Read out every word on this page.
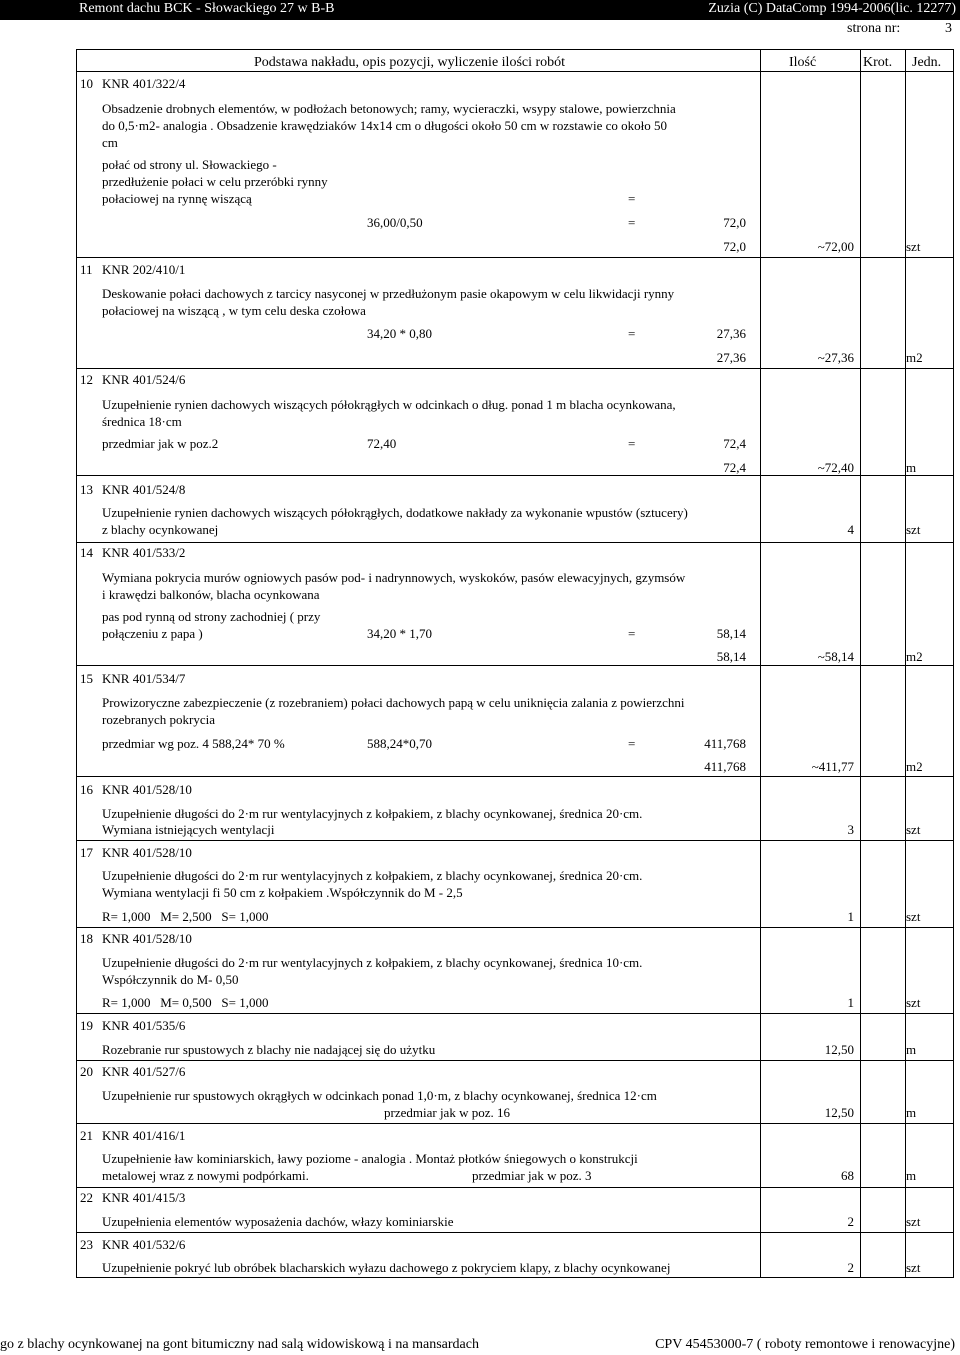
Remont dachu BCK - Słowackiego 27 w B-B	Zuzia (C) DataComp 1994-2006(lic. 12277)
strona nr:	3
Podstawa nakładu, opis pozycji, wyliczenie ilości robót	Ilość	Krot. Jedn.
10 KNR 401/322/4
Obsadzenie drobnych elementów, w podłożach betonowych; ramy, wycieraczki, wsypy stalowe, powierzchnia
do 0,5·m2- analogia . Obsadzenie krawędziaków 14x14 cm o długości około 50 cm w rozstawie co około 50
cm
połać od strony ul. Słowackiego -
przedłużenie połaci w celu przeróbki rynny
połaciowej na rynnę wiszącą	=
36,00/0,50	=	72,0
72,0	~72,00	szt
11 KNR 202/410/1
Deskowanie połaci dachowych z tarcicy nasyconej w przedłużonym pasie okapowym w celu likwidacji rynny
połaciowej na wiszącą , w tym celu deska czołowa
34,20 * 0,80	=	27,36
27,36	~27,36	m2
12 KNR 401/524/6
Uzupełnienie rynien dachowych wiszących półokrągłych w odcinkach o dług. ponad 1 m blacha ocynkowana,
średnica 18·cm
przedmiar jak w poz.2	72,40	=	72,4
72,4	~72,40	m
13 KNR 401/524/8
Uzupełnienie rynien dachowych wiszących półokrągłych, dodatkowe nakłady za wykonanie wpustów (sztucery)
z blachy ocynkowanej	4	szt
14 KNR 401/533/2
Wymiana pokrycia murów ogniowych pasów pod- i nadrynnowych, wyskoków, pasów elewacyjnych, gzymsów
i krawędzi balkonów, blacha ocynkowana
pas pod rynną od strony zachodniej ( przy
połączeniu z papa )	34,20 * 1,70	=	58,14
58,14	~58,14	m2
15 KNR 401/534/7
Prowizoryczne zabezpieczenie (z rozebraniem) połaci dachowych papą w celu uniknięcia zalania z powierzchni
rozebranych pokrycia
przedmiar wg poz. 4 588,24* 70 %	588,24*0,70	=	411,768
411,768	~411,77	m2
16 KNR 401/528/10
Uzupełnienie długości do 2·m rur wentylacyjnych z kołpakiem, z blachy ocynkowanej, średnica 20·cm.
Wymiana istniejących wentylacji	3	szt
17 KNR 401/528/10
Uzupełnienie długości do 2·m rur wentylacyjnych z kołpakiem, z blachy ocynkowanej, średnica 20·cm.
Wymiana wentylacji fi 50 cm z kołpakiem .Współczynnik do M - 2,5
R= 1,000   M= 2,500   S= 1,000	1	szt
18 KNR 401/528/10
Uzupełnienie długości do 2·m rur wentylacyjnych z kołpakiem, z blachy ocynkowanej, średnica 10·cm.
Współczynnik do M- 0,50
R= 1,000   M= 0,500   S= 1,000	1	szt
19 KNR 401/535/6
Rozebranie rur spustowych z blachy nie nadającej się do użytku	12,50	m
20 KNR 401/527/6
Uzupełnienie rur spustowych okrągłych w odcinkach ponad 1,0·m, z blachy ocynkowanej, średnica 12·cm
przedmiar jak w poz. 16	12,50	m
21 KNR 401/416/1
Uzupełnienie ław kominiarskich, ławy poziome - analogia . Montaż płotków śniegowych o konstrukcji
metalowej wraz z nowymi podpórkami.	przedmiar jak w poz. 3	68	m
22 KNR 401/415/3
Uzupełnienia elementów wyposażenia dachów, włazy kominiarskie	2	szt
23 KNR 401/532/6
Uzupełnienie pokryć lub obróbek blacharskich wyłazu dachowego z pokryciem klapy, z blachy ocynkowanej	2	szt
go z blachy ocynkowanej na gont bitumiczny nad salą widowiskową i na mansardach	CPV 45453000-7 ( roboty remontowe i renowacyjne)
